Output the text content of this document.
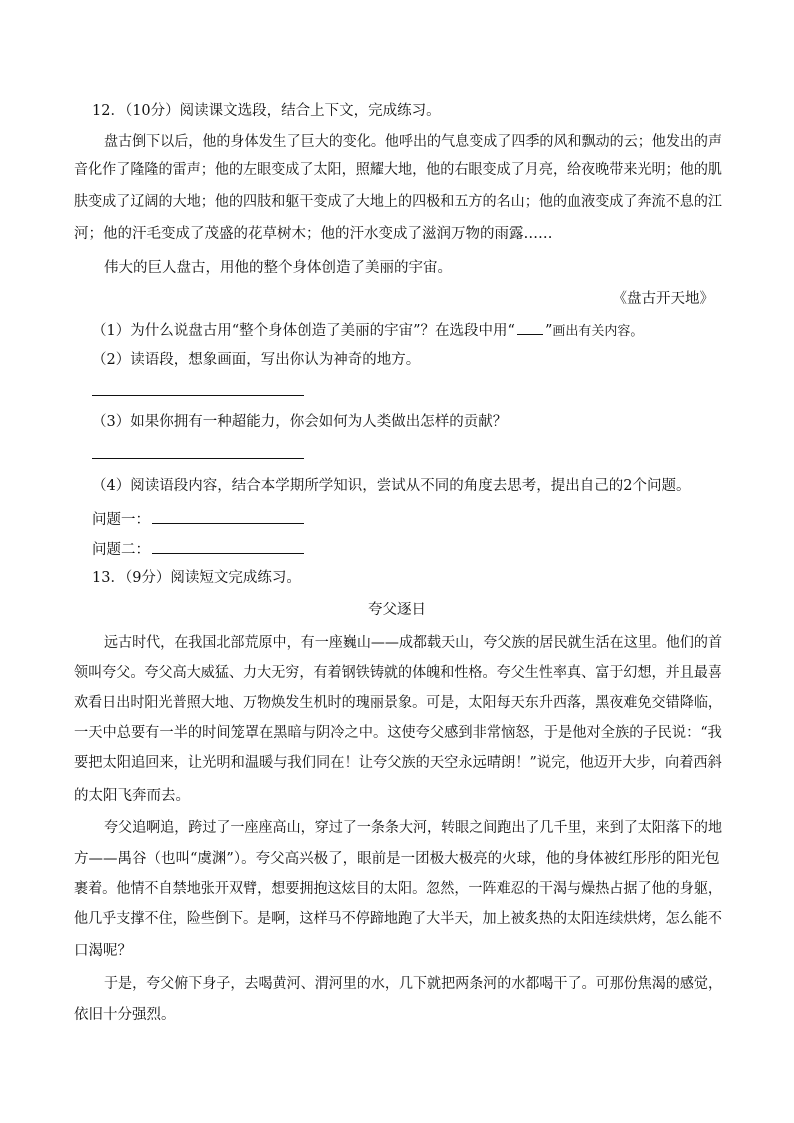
12．（10分）阅读课文选段，结合上下文，完成练习。
盘古倒下以后，他的身体发生了巨大的变化。他呼出的气息变成了四季的风和飘动的云；他发出的声
音化作了隆隆的雷声；他的左眼变成了太阳，照耀大地，他的右眼变成了月亮，给夜晚带来光明；他的肌
肤变成了辽阔的大地；他的四肢和躯干变成了大地上的四极和五方的名山；他的血液变成了奔流不息的江
河；他的汗毛变成了茂盛的花草树木；他的汗水变成了滋润万物的雨露……
伟大的巨人盘古，用他的整个身体创造了美丽的宇宙。
《盘古开天地》
（1）为什么说盘古用“整个身体创造了美丽的宇宙”？在选段中用“ ”画出有关内容。
（2）读语段，想象画面，写出你认为神奇的地方。
（3）如果你拥有一种超能力，你会如何为人类做出怎样的贡献？
（4）阅读语段内容，结合本学期所学知识，尝试从不同的角度去思考，提出自己的2个问题。
问题一：
问题二：
13．（9分）阅读短文完成练习。
夸父逐日
远古时代，在我国北部荒原中，有一座巍山——成都载天山，夸父族的居民就生活在这里。他们的首
领叫夸父。夸父高大威猛、力大无穷，有着钢铁铸就的体魄和性格。夸父生性率真、富于幻想，并且最喜
欢看日出时阳光普照大地、万物焕发生机时的瑰丽景象。可是，太阳每天东升西落，黑夜难免交错降临，
一天中总要有一半的时间笼罩在黑暗与阴冷之中。这使夸父感到非常恼怒，于是他对全族的子民说：“我
要把太阳追回来，让光明和温暖与我们同在！让夸父族的天空永远晴朗！”说完，他迈开大步，向着西斜
的太阳飞奔而去。
夸父追啊追，跨过了一座座高山，穿过了一条条大河，转眼之间跑出了几千里，来到了太阳落下的地
方——禺谷（也叫“虞渊”）。夸父高兴极了，眼前是一团极大极亮的火球，他的身体被红彤彤的阳光包
裹着。他情不自禁地张开双臂，想要拥抱这炫目的太阳。忽然，一阵难忍的干渴与燥热占据了他的身躯，
他几乎支撑不住，险些倒下。是啊，这样马不停蹄地跑了大半天，加上被炙热的太阳连续烘烤，怎么能不
口渴呢？
于是，夸父俯下身子，去喝黄河、渭河里的水，几下就把两条河的水都喝干了。可那份焦渴的感觉，
依旧十分强烈。
